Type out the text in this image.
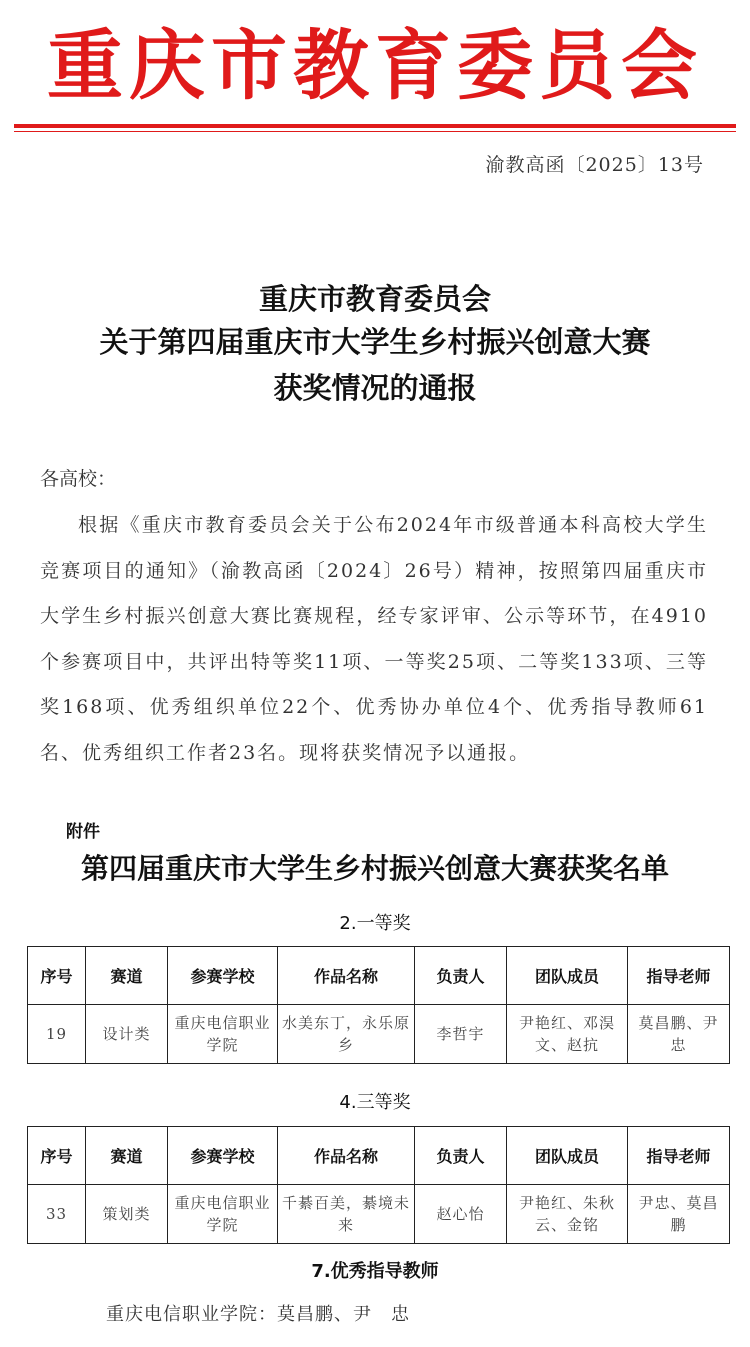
重庆市教育委员会
渝教高函〔2025〕13号
重庆市教育委员会
关于第四届重庆市大学生乡村振兴创意大赛
获奖情况的通报
各高校：

根据《重庆市教育委员会关于公布2024年市级普通本科高校大学生竞赛项目的通知》（渝教高函〔2024〕26号）精神，按照第四届重庆市大学生乡村振兴创意大赛比赛规程，经专家评审、公示等环节，在4910个参赛项目中，共评出特等奖11项、一等奖25项、二等奖133项、三等奖168项、优秀组织单位22个、优秀协办单位4个、优秀指导教师61名、优秀组织工作者23名。现将获奖情况予以通报。

附件
第四届重庆市大学生乡村振兴创意大赛获奖名单
2.一等奖
序号	赛道	参赛学校	作品名称	负责人	团队成员	指导老师
19	设计类	重庆电信职业学院	水美东丁，永乐原乡	李哲宇	尹艳红、邓淏文、赵抗	莫昌鹏、尹忠
4.三等奖
序号	赛道	参赛学校	作品名称	负责人	团队成员	指导老师
33	策划类	重庆电信职业学院	千綦百美，綦境未来	赵心怡	尹艳红、朱秋云、金铭	尹忠、莫昌鹏
7.优秀指导教师
重庆电信职业学院：莫昌鹏、尹　忠
